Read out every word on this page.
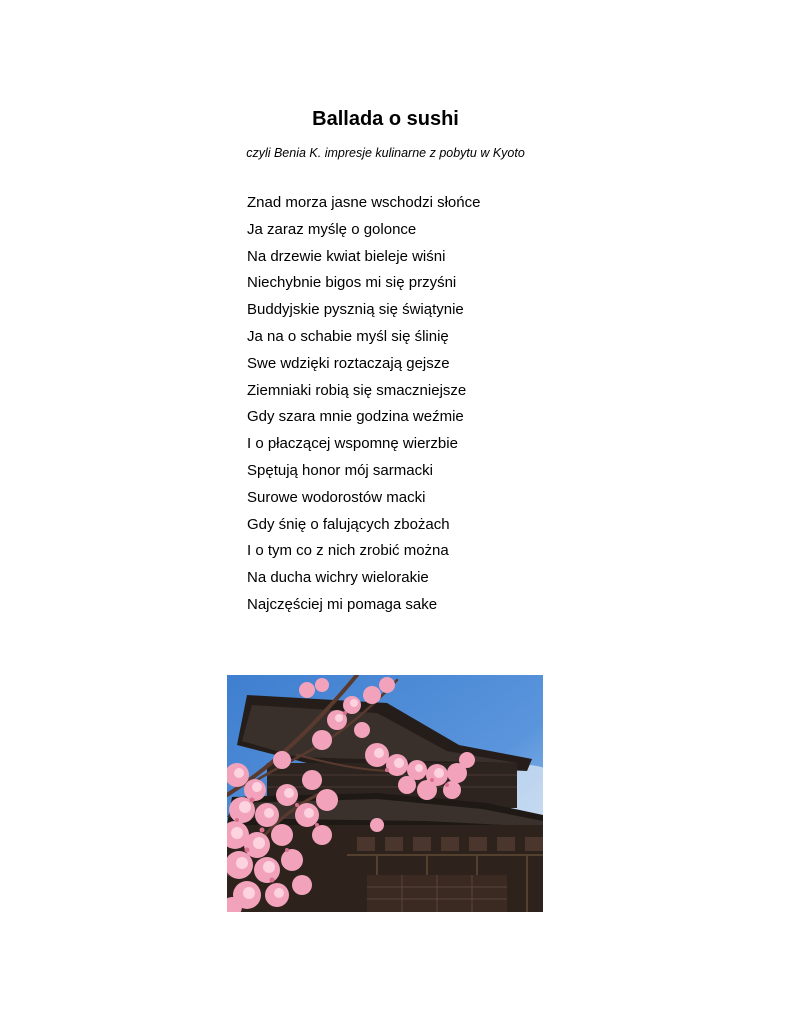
Ballada o sushi
czyli Benia K. impresje kulinarne z pobytu w Kyoto
Znad morza jasne wschodzi słońce
Ja zaraz myślę o golonce
Na drzewie kwiat bieleje wiśni
Niechybnie bigos mi się przyśni
Buddyjskie pysznią się świątynie
Ja na o schabie myśl się ślinię
Swe wdzięki roztaczają gejsze
Ziemniaki robią się smaczniejsze
Gdy szara mnie godzina weźmie
I o płaczącej wspomnę wierzbie
Spętują honor mój sarmacki
Surowe wodorostów macki
Gdy śnię o falujących zbożach
I o tym co z nich zrobić można
Na ducha wichry wielorakie
Najczęściej mi pomaga sake
